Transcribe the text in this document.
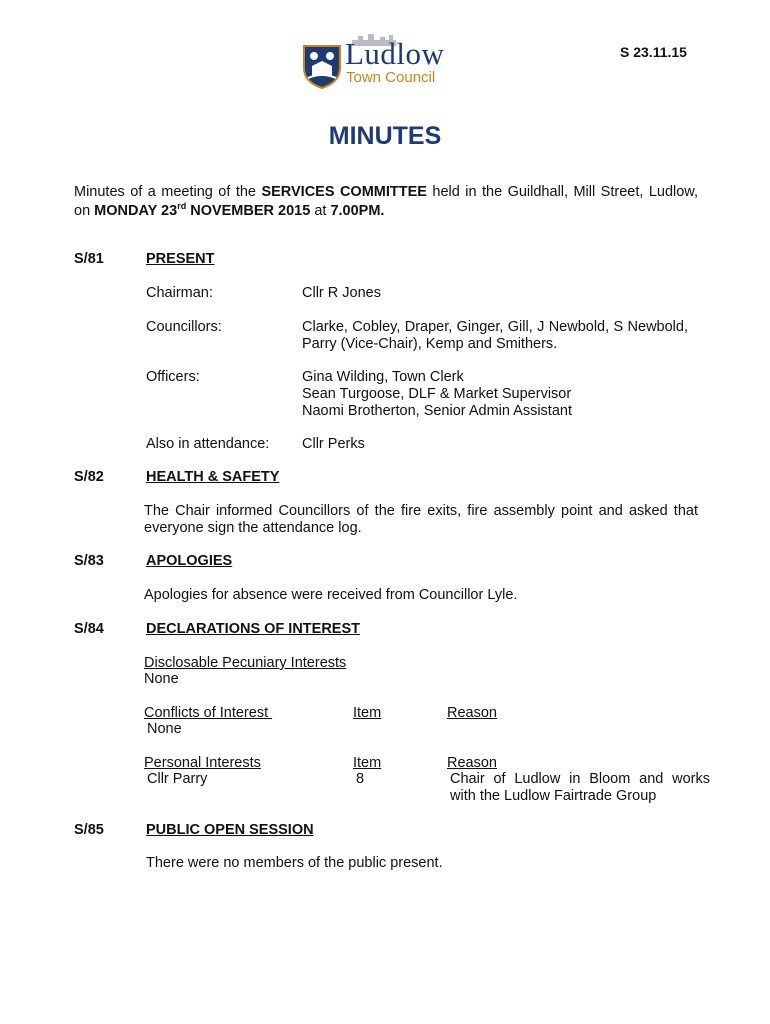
Ludlow
Town Council
S 23.11.15
MINUTES
Minutes of a meeting of the SERVICES COMMITTEE held in the Guildhall, Mill Street, Ludlow, on MONDAY 23rd NOVEMBER 2015 at 7.00PM.
S/81	PRESENT
Chairman:	Cllr R Jones
Councillors:	Clarke, Cobley, Draper, Ginger, Gill, J Newbold, S Newbold, Parry (Vice-Chair), Kemp and Smithers.
Officers:	Gina Wilding, Town Clerk
Sean Turgoose, DLF & Market Supervisor
Naomi Brotherton, Senior Admin Assistant
Also in attendance: Cllr Perks
S/82	HEALTH & SAFETY
The Chair informed Councillors of the fire exits, fire assembly point and asked that everyone sign the attendance log.
S/83	APOLOGIES
Apologies for absence were received from Councillor Lyle.
S/84	DECLARATIONS OF INTEREST
Disclosable Pecuniary Interests
None
Conflicts of Interest	Item	Reason
None
Personal Interests	Item	Reason
Cllr Parry	8	Chair of Ludlow in Bloom and works with the Ludlow Fairtrade Group
S/85	PUBLIC OPEN SESSION
There were no members of the public present.
